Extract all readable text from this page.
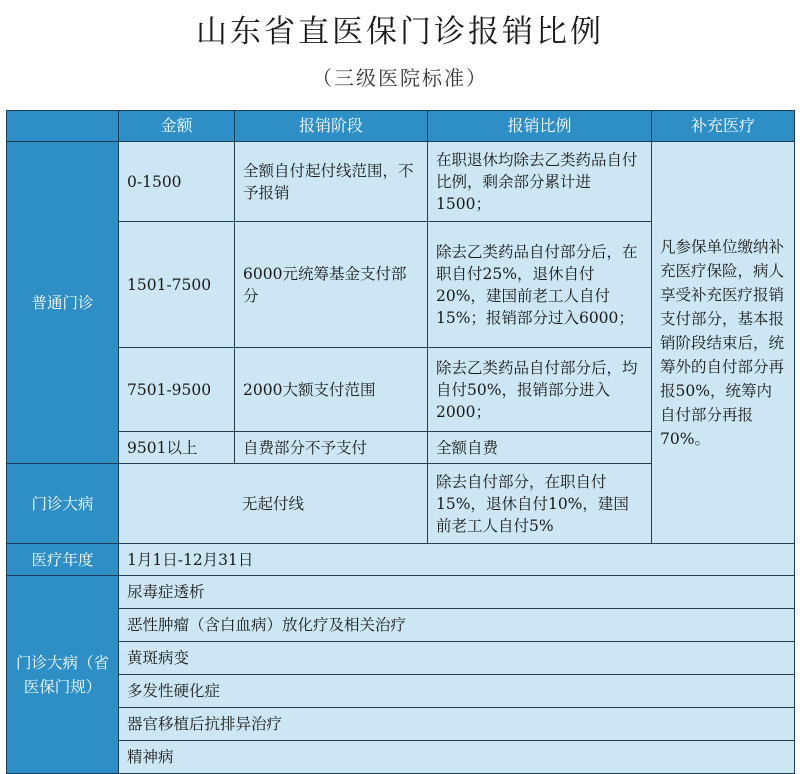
山东省直医保门诊报销比例
（三级医院标准）
	金额	报销阶段	报销比例	补充医疗
普通门诊	0-1500	全额自付起付线范围，不予报销	在职退休均除去乙类药品自付比例，剩余部分累计进1500；	凡参保单位缴纳补充医疗保险，病人享受补充医疗报销支付部分，基本报销阶段结束后，统筹外的自付部分再报50%，统筹内自付部分再报70%。
	1501-7500	6000元统筹基金支付部分	除去乙类药品自付部分后，在职自付25%，退休自付20%，建国前老工人自付15%；报销部分过入6000；	
	7501-9500	2000大额支付范围	除去乙类药品自付部分后，均自付50%，报销部分进入2000；	
	9501以上	自费部分不予支付	全额自费	
门诊大病	无起付线		除去自付部分，在职自付15%，退休自付10%，建国前老工人自付5%	
医疗年度	1月1日-12月31日			
门诊大病（省医保门规）	尿毒症透析			
	恶性肿瘤（含白血病）放化疗及相关治疗			
	黄斑病变			
	多发性硬化症			
	器官移植后抗排异治疗			
	精神病			
